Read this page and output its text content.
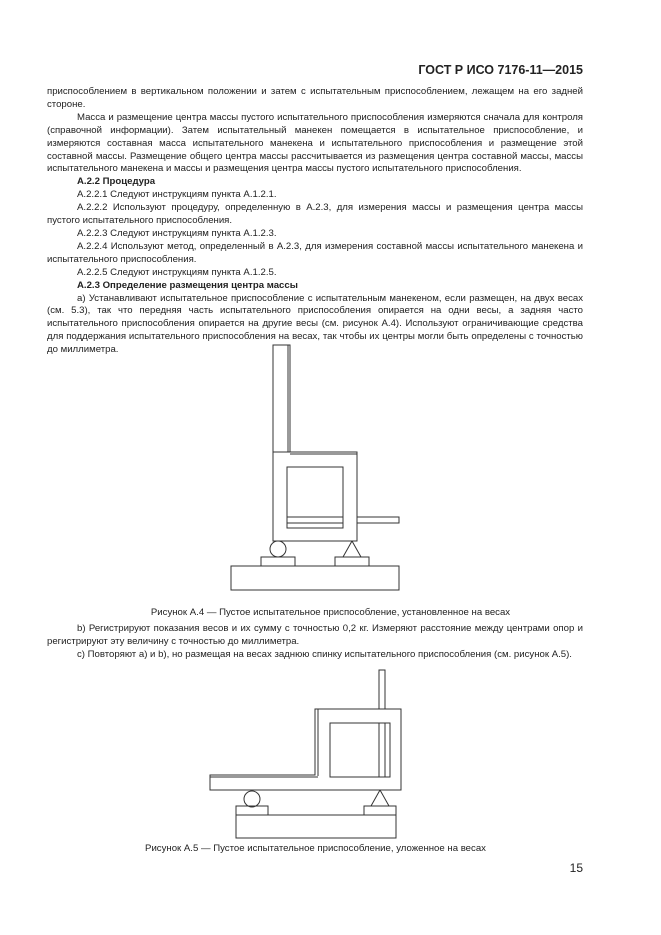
ГОСТ Р ИСО 7176-11—2015

приспособлением в вертикальном положении и затем с испытательным приспособлением, лежащем на его задней стороне.

Масса и размещение центра массы пустого испытательного приспособления измеряются сначала для контроля (справочной информации). Затем испытательный манекен помещается в испытательное приспособление, и измеряются составная масса испытательного манекена и испытательного приспособления и размещение этой составной массы. Размещение общего центра массы рассчитывается из размещения центра составной массы, массы испытательного манекена и массы и размещения центра массы пустого испытательного приспособления.

А.2.2 Процедура

А.2.2.1 Следуют инструкциям пункта А.1.2.1.

А.2.2.2 Используют процедуру, определенную в А.2.3, для измерения массы и размещения центра массы пустого испытательного приспособления.

А.2.2.3 Следуют инструкциям пункта А.1.2.3.

А.2.2.4 Используют метод, определенный в А.2.3, для измерения составной массы испытательного манекена и испытательного приспособления.

А.2.2.5 Следуют инструкциям пункта А.1.2.5.

А.2.3 Определение размещения центра массы

а) Устанавливают испытательное приспособление с испытательным манекеном, если размещен, на двух весах (см. 5.3), так что передняя часть испытательного приспособления опирается на одни весы, а задняя часто испытательного приспособления опирается на другие весы (см. рисунок А.4). Используют ограничивающие средства для поддержания испытательного приспособления на весах, так чтобы их центры могли быть определены с точностью до миллиметра.

Рисунок А.4 — Пустое испытательное приспособление, установленное на весах

b) Регистрируют показания весов и их сумму с точностью 0,2 кг. Измеряют расстояние между центрами опор и регистрируют эту величину с точностью до миллиметра.

с) Повторяют а) и b), но размещая на весах заднюю спинку испытательного приспособления (см. рисунок А.5).

Рисунок А.5 — Пустое испытательное приспособление, уложенное на весах
15
